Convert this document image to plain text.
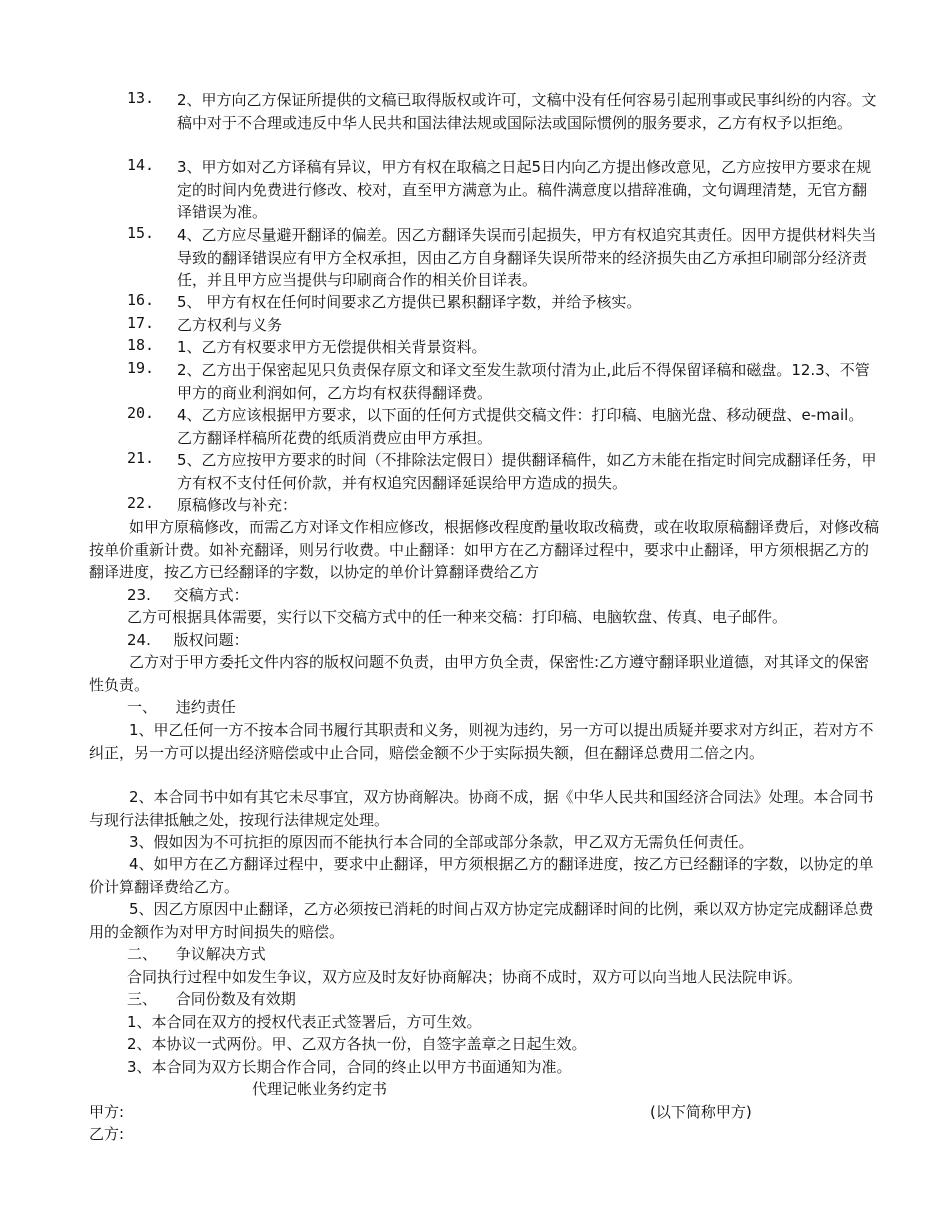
13. 2、甲方向乙方保证所提供的文稿已取得版权或许可，文稿中没有任何容易引起刑事或民事纠纷的内容。文稿中对于不合理或违反中华人民共和国法律法规或国际法或国际惯例的服务要求，乙方有权予以拒绝。
14. 3、甲方如对乙方译稿有异议，甲方有权在取稿之日起5日内向乙方提出修改意见，乙方应按甲方要求在规定的时间内免费进行修改、校对，直至甲方满意为止。稿件满意度以措辞准确，文句调理清楚，无官方翻译错误为准。
15. 4、乙方应尽量避开翻译的偏差。因乙方翻译失误而引起损失，甲方有权追究其责任。因甲方提供材料失当导致的翻译错误应有甲方全权承担，因由乙方自身翻译失误所带来的经济损失由乙方承担印刷部分经济责任，并且甲方应当提供与印刷商合作的相关价目详表。
16. 5、 甲方有权在任何时间要求乙方提供已累积翻译字数，并给予核实。
17. 乙方权利与义务
18. 1、乙方有权要求甲方无偿提供相关背景资料。
19. 2、乙方出于保密起见只负责保存原文和译文至发生款项付清为止,此后不得保留译稿和磁盘。12.3、不管甲方的商业利润如何，乙方均有权获得翻译费。
20. 4、乙方应该根据甲方要求，以下面的任何方式提供交稿文件：打印稿、电脑光盘、移动硬盘、e-mail。乙方翻译样稿所花费的纸质消费应由甲方承担。
21. 5、乙方应按甲方要求的时间（不排除法定假日）提供翻译稿件，如乙方未能在指定时间完成翻译任务，甲方有权不支付任何价款，并有权追究因翻译延误给甲方造成的损失。
22. 原稿修改与补充：
如甲方原稿修改，而需乙方对译文作相应修改，根据修改程度酌量收取改稿费，或在收取原稿翻译费后，对修改稿按单价重新计费。如补充翻译，则另行收费。中止翻译：如甲方在乙方翻译过程中，要求中止翻译，甲方须根据乙方的翻译进度，按乙方已经翻译的字数，以协定的单价计算翻译费给乙方
23. 交稿方式：
乙方可根据具体需要，实行以下交稿方式中的任一种来交稿：打印稿、电脑软盘、传真、电子邮件。
24. 版权问题：
乙方对于甲方委托文件内容的版权问题不负责，由甲方负全责，保密性:乙方遵守翻译职业道德，对其译文的保密性负责。
一、 违约责任
1、甲乙任何一方不按本合同书履行其职责和义务，则视为违约，另一方可以提出质疑并要求对方纠正，若对方不纠正，另一方可以提出经济赔偿或中止合同，赔偿金额不少于实际损失额，但在翻译总费用二倍之内。
2、本合同书中如有其它未尽事宜，双方协商解决。协商不成，据《中华人民共和国经济合同法》处理。本合同书与现行法律抵触之处，按现行法律规定处理。
3、假如因为不可抗拒的原因而不能执行本合同的全部或部分条款，甲乙双方无需负任何责任。
4、如甲方在乙方翻译过程中，要求中止翻译，甲方须根据乙方的翻译进度，按乙方已经翻译的字数，以协定的单价计算翻译费给乙方。
5、因乙方原因中止翻译，乙方必须按已消耗的时间占双方协定完成翻译时间的比例，乘以双方协定完成翻译总费用的金额作为对甲方时间损失的赔偿。
二、 争议解决方式
合同执行过程中如发生争议，双方应及时友好协商解决；协商不成时，双方可以向当地人民法院申诉。
三、 合同份数及有效期
1、本合同在双方的授权代表正式签署后，方可生效。
2、本协议一式两份。甲、乙双方各执一份，自签字盖章之日起生效。
3、本合同为双方长期合作合同，合同的终止以甲方书面通知为准。
代理记帐业务约定书
甲方:	(以下简称甲方)
乙方:
